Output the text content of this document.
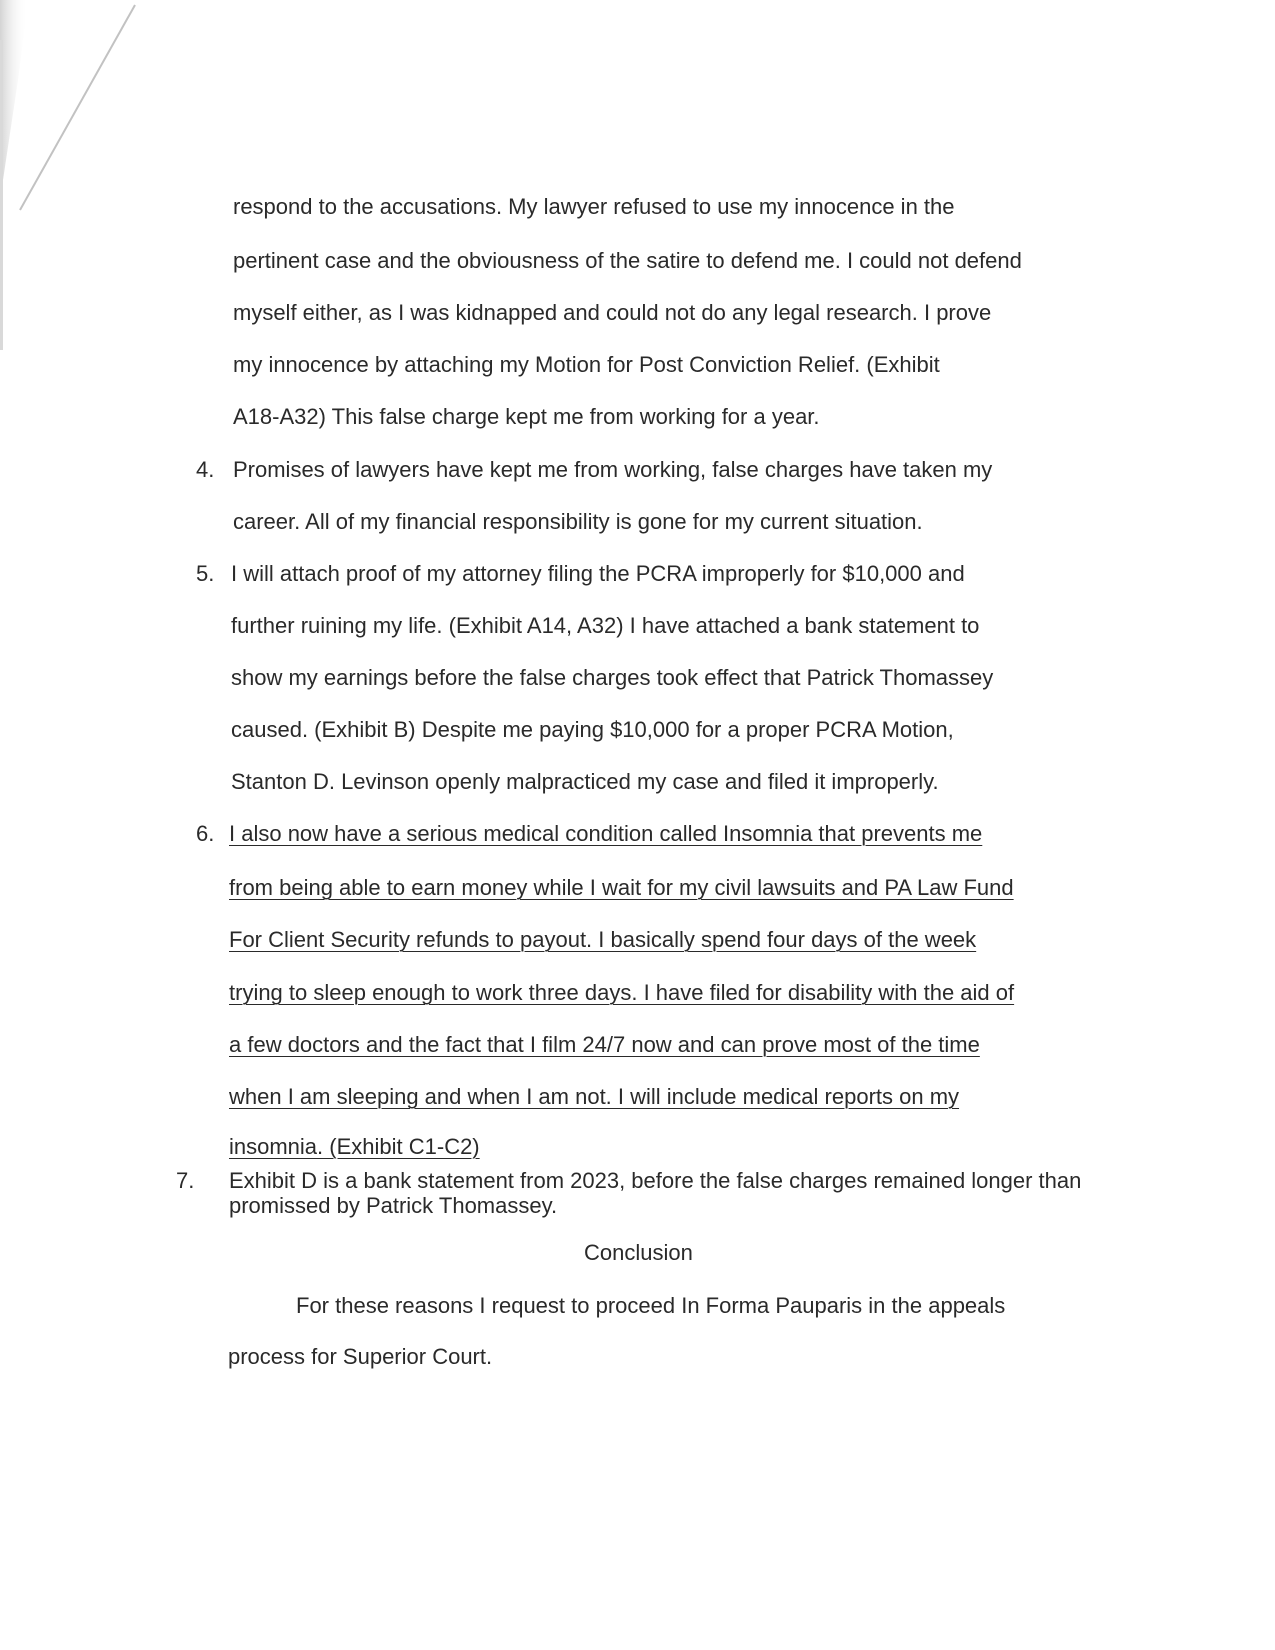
respond to the accusations. My lawyer refused to use my innocence in the
pertinent case and the obviousness of the satire to defend me. I could not defend
myself either, as I was kidnapped and could not do any legal research. I prove
my innocence by attaching my Motion for Post Conviction Relief. (Exhibit
A18-A32) This false charge kept me from working for a year.
4. Promises of lawyers have kept me from working, false charges have taken my
career. All of my financial responsibility is gone for my current situation.
5. I will attach proof of my attorney filing the PCRA improperly for $10,000 and
further ruining my life. (Exhibit A14, A32) I have attached a bank statement to
show my earnings before the false charges took effect that Patrick Thomassey
caused. (Exhibit B) Despite me paying $10,000 for a proper PCRA Motion,
Stanton D. Levinson openly malpracticed my case and filed it improperly.
6. I also now have a serious medical condition called Insomnia that prevents me
from being able to earn money while I wait for my civil lawsuits and PA Law Fund
For Client Security refunds to payout. I basically spend four days of the week
trying to sleep enough to work three days. I have filed for disability with the aid of
a few doctors and the fact that I film 24/7 now and can prove most of the time
when I am sleeping and when I am not. I will include medical reports on my
insomnia. (Exhibit C1-C2)
7. Exhibit D is a bank statement from 2023, before the false charges remained longer than
promissed by Patrick Thomassey.
Conclusion
For these reasons I request to proceed In Forma Pauparis in the appeals
process for Superior Court.
